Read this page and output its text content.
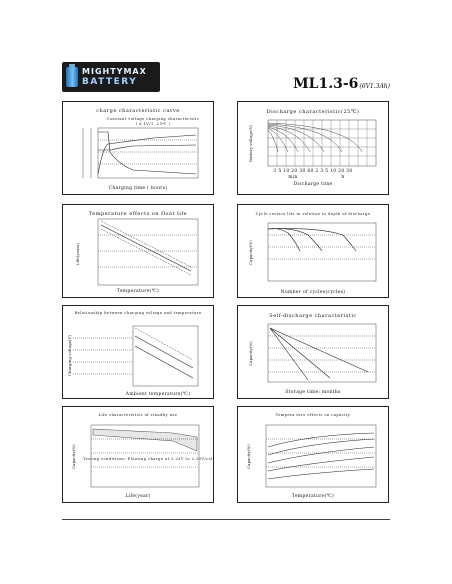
MIGHTYMAX
BATTERY	ML1.3-6(6V1.3Ah)
charge characteristic curve
Constant voltage charging characteristic
( 6.1V/1, 25℃ )
Charging time ( hours)
Discharge characteristic(25℃)
Battery voltage(V)
3 5 10 20 30 60 2 3 5 10 20 30
min	h
Discharge time
Temperature effects on float life
Life(years)
Temperature(℃)
Cycle service life in relation to depth of discharge
Capacity(%)
Number of cycles(cycles)
Relationship between charging voltage and temperature
Charging voltage(V)
Ambient temperature(℃)
Self-discharge characteristic
Capacity(%)
Storage time: months
Life characteristics of standby use
Capacity(%) Testing conditions: Floating charge at 2.25V to 2.30V/cell
Life(year)
Tempera ture effects on capacity
Capacity(%)
Temperature(℃)
